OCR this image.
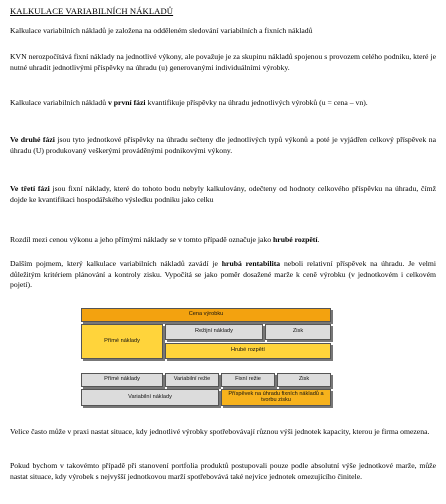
KALKULACE VARIABILNÍCH NÁKLADŮ

Kalkulace variabilních nákladů je založena na odděleném sledování variabilních a fixních nákladů

KVN nerozpočítává fixní náklady na jednotlivé výkony, ale považuje je za skupinu nákladů spojenou s provozem celého podniku, které je nutné uhradit jednotlivými příspěvky na úhradu (u) generovanými individuálními výrobky.

Kalkulace variabilních nákladů v první fázi kvantifikuje příspěvky na úhradu jednotlivých výrobků (u = cena – vn).

Ve druhé fázi jsou tyto jednotkové příspěvky na úhradu sečteny dle jednotlivých typů výkonů a poté je vyjádřen celkový příspěvek na úhradu (U) produkovaný veškerými prováděnými podnikovými výkony.

Ve třetí fázi jsou fixní náklady, které do tohoto bodu nebyly kalkulovány, odečteny od hodnoty celkového příspěvku na úhradu, čímž dojde ke kvantifikaci hospodářského výsledku podniku jako celku

Rozdíl mezi cenou výkonu a jeho přímými náklady se v tomto případě označuje jako hrubé rozpětí.

Dalším pojmem, který kalkulace variabilních nákladů zavádí je hrubá rentabilita neboli relativní příspěvek na úhradu. Je velmi důležitým kritériem plánování a kontroly zisku. Vypočítá se jako poměr dosažené marže k ceně výrobku (v jednotkovém i celkovém pojetí).

Cena výrobku
Přímé náklady
Režijní náklady	Zisk
Hrubé rozpětí
Přímé náklady	Variabilní režie	Fixní režie	Zisk
Variabilní náklady	Příspěvek na úhradu fixních nákladů a tvorbu zisku

Velice často může v praxi nastat situace, kdy jednotlivé výrobky spotřebovávají různou výši jednotek kapacity, kterou je firma omezena.

Pokud bychom v takovémto případě při stanovení portfolia produktů postupovali pouze podle absolutní výše jednotkové marže, může nastat situace, kdy výrobek s nejvyšší jednotkovou marží spotřebovává také nejvíce jednotek omezujícího činitele.
